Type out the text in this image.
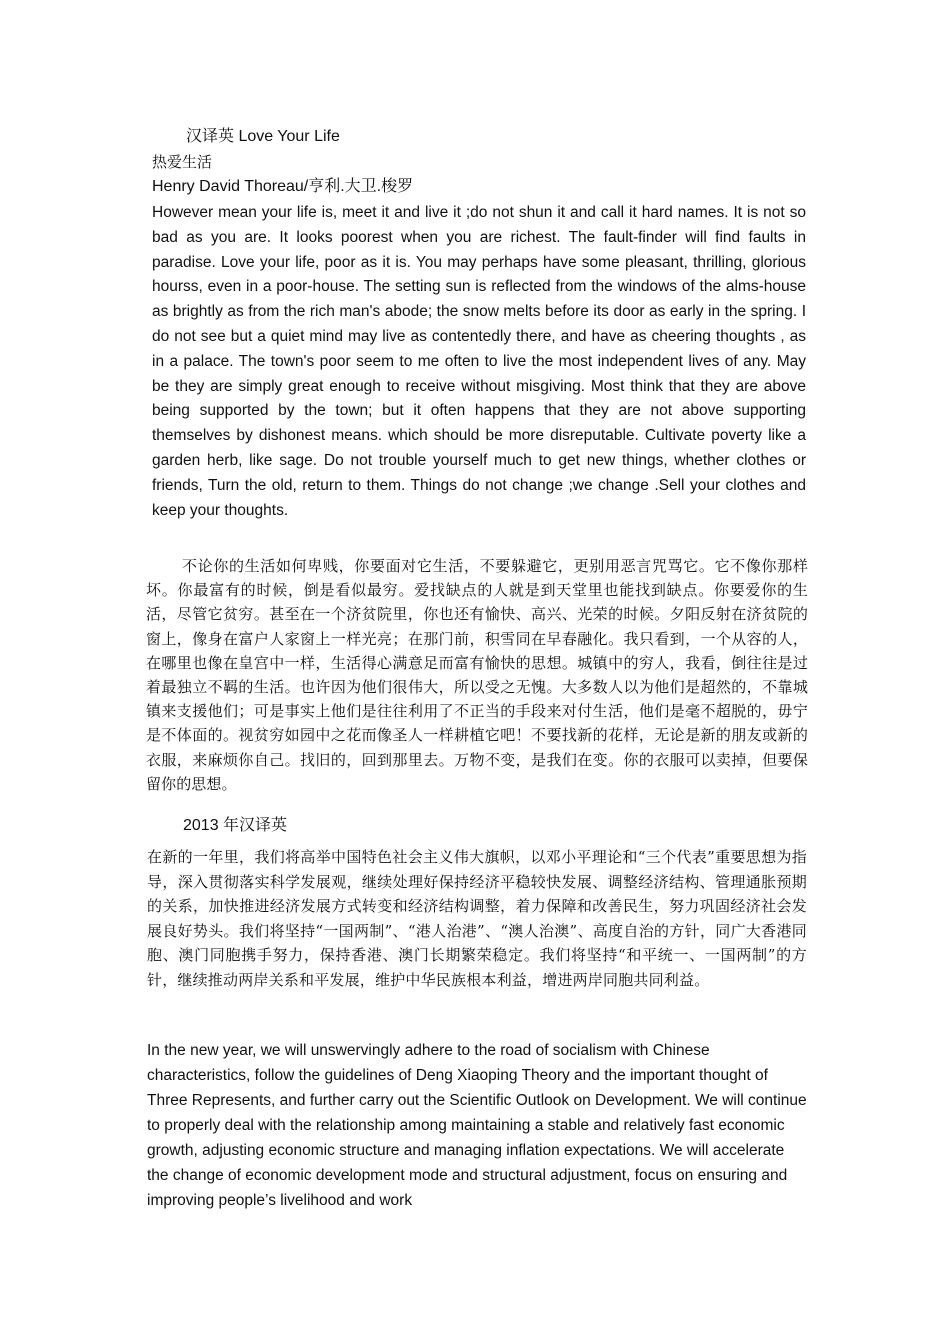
汉译英 Love Your Life

热爱生活

Henry David Thoreau/亨利.大卫.梭罗

However mean your life is, meet it and live it ;do not shun it and call it hard names. It is not so bad as you are. It looks poorest when you are richest. The fault-finder will find faults in paradise. Love your life, poor as it is. You may perhaps have some pleasant, thrilling, glorious hourss, even in a poor-house. The setting sun is reflected from the windows of the alms-house as brightly as from the rich man's abode; the snow melts before its door as early in the spring. I do not see but a quiet mind may live as contentedly there, and have as cheering thoughts , as in a palace. The town's poor seem to me often to live the most independent lives of any. May be they are simply great enough to receive without misgiving. Most think that they are above being supported by the town; but it often happens that they are not above supporting themselves by dishonest means. which should be more disreputable. Cultivate poverty like a garden herb, like sage. Do not trouble yourself much to get new things, whether clothes or friends, Turn the old, return to them. Things do not change ;we change .Sell your clothes and keep your thoughts.

不论你的生活如何卑贱，你要面对它生活，不要躲避它，更别用恶言咒骂它。它不像你那样坏。你最富有的时候，倒是看似最穷。爱找缺点的人就是到天堂里也能找到缺点。你要爱你的生活，尽管它贫穷。甚至在一个济贫院里，你也还有愉快、高兴、光荣的时候。夕阳反射在济贫院的窗上，像身在富户人家窗上一样光亮；在那门前，积雪同在早春融化。我只看到，一个从容的人，在哪里也像在皇宫中一样，生活得心满意足而富有愉快的思想。城镇中的穷人，我看，倒往往是过着最独立不羁的生活。也许因为他们很伟大，所以受之无愧。大多数人以为他们是超然的，不靠城镇来支援他们；可是事实上他们是往往利用了不正当的手段来对付生活，他们是毫不超脱的，毋宁是不体面的。视贫穷如园中之花而像圣人一样耕植它吧！不要找新的花样，无论是新的朋友或新的衣服，来麻烦你自己。找旧的，回到那里去。万物不变，是我们在变。你的衣服可以卖掉，但要保留你的思想。

2013 年汉译英

在新的一年里，我们将高举中国特色社会主义伟大旗帜，以邓小平理论和“三个代表”重要思想为指导，深入贯彻落实科学发展观，继续处理好保持经济平稳较快发展、调整经济结构、管理通胀预期的关系，加快推进经济发展方式转变和经济结构调整，着力保障和改善民生，努力巩固经济社会发展良好势头。我们将坚持“一国两制”、“港人治港”、“澳人治澳”、高度自治的方针，同广大香港同胞、澳门同胞携手努力，保持香港、澳门长期繁荣稳定。我们将坚持“和平统一、一国两制”的方针，继续推动两岸关系和平发展，维护中华民族根本利益，增进两岸同胞共同利益。

In the new year, we will unswervingly adhere to the road of socialism with Chinese characteristics, follow the guidelines of Deng Xiaoping Theory and the important thought of Three Represents, and further carry out the Scientific Outlook on Development. We will continue to properly deal with the relationship among maintaining a stable and relatively fast economic growth, adjusting economic structure and managing inflation expectations. We will accelerate the change of economic development mode and structural adjustment, focus on ensuring and improving people’s livelihood and work
